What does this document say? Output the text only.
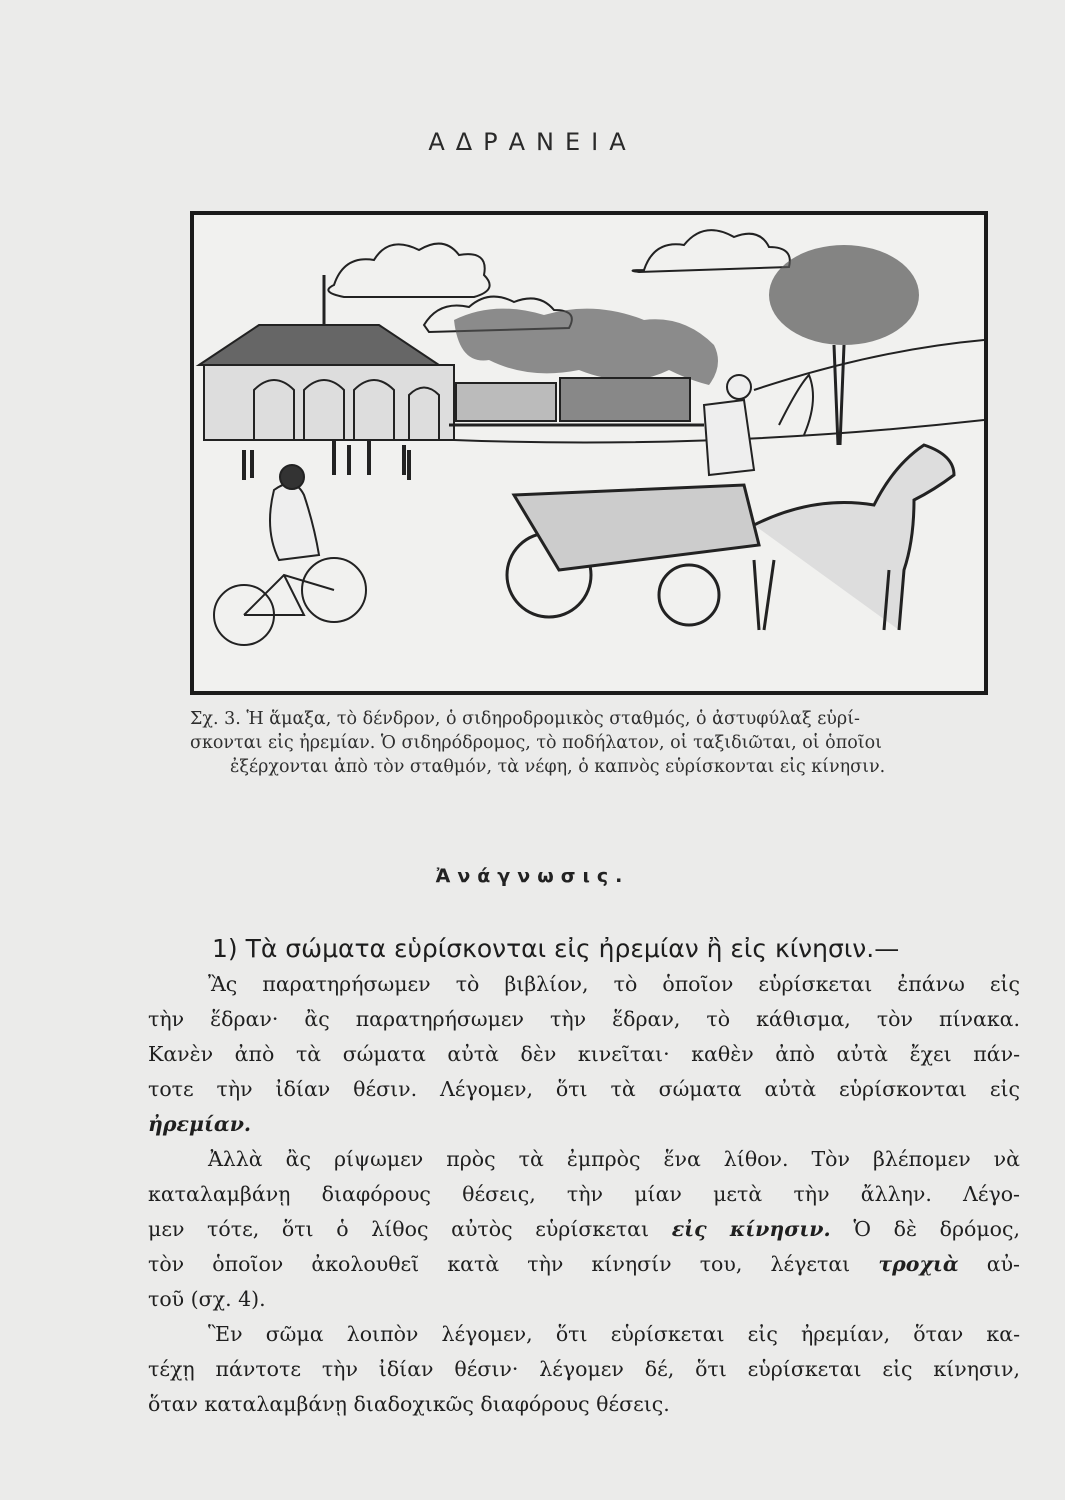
ΑΔΡΑΝΕΙΑ
Σχ. 3. Ἡ ἅμαξα, τὸ δένδρον, ὁ σιδηροδρομικὸς σταθμός, ὁ ἀστυφύλαξ εὑρί-
σκονται εἰς ἠρεμίαν. Ὁ σιδηρόδρομος, τὸ ποδήλατον, οἱ ταξιδιῶται, οἱ ὁποῖοι
ἐξέρχονται ἀπὸ τὸν σταθμόν, τὰ νέφη, ὁ καπνὸς εὑρίσκονται εἰς κίνησιν.
Ἀνάγνωσις.
1) Τὰ σώματα εὑρίσκονται εἰς ἠρεμίαν ἢ εἰς κίνησιν.—
Ἂς παρατηρήσωμεν τὸ βιβλίον, τὸ ὁποῖον εὑρίσκεται ἐπάνω εἰς
τὴν ἕδραν· ἂς παρατηρήσωμεν τὴν ἕδραν, τὸ κάθισμα, τὸν πίνακα.
Κανὲν ἀπὸ τὰ σώματα αὐτὰ δὲν κινεῖται· καθὲν ἀπὸ αὐτὰ ἔχει πάν-
τοτε τὴν ἰδίαν θέσιν. Λέγομεν, ὅτι τὰ σώματα αὐτὰ εὑρίσκονται εἰς
ἠρεμίαν.
Ἀλλὰ ἂς ρίψωμεν πρὸς τὰ ἐμπρὸς ἕνα λίθον. Τὸν βλέπομεν νὰ
καταλαμβάνῃ διαφόρους θέσεις, τὴν μίαν μετὰ τὴν ἄλλην. Λέγο-
μεν τότε, ὅτι ὁ λίθος αὐτὸς εὑρίσκεται εἰς κίνησιν. Ὁ δὲ δρόμος,
τὸν ὁποῖον ἀκολουθεῖ κατὰ τὴν κίνησίν του, λέγεται τροχιὰ αὐ-
τοῦ (σχ. 4).
Ἓν σῶμα λοιπὸν λέγομεν, ὅτι εὑρίσκεται εἰς ἠρεμίαν, ὅταν κα-
τέχῃ πάντοτε τὴν ἰδίαν θέσιν· λέγομεν δέ, ὅτι εὑρίσκεται εἰς κίνησιν,
ὅταν καταλαμβάνῃ διαδοχικῶς διαφόρους θέσεις.
